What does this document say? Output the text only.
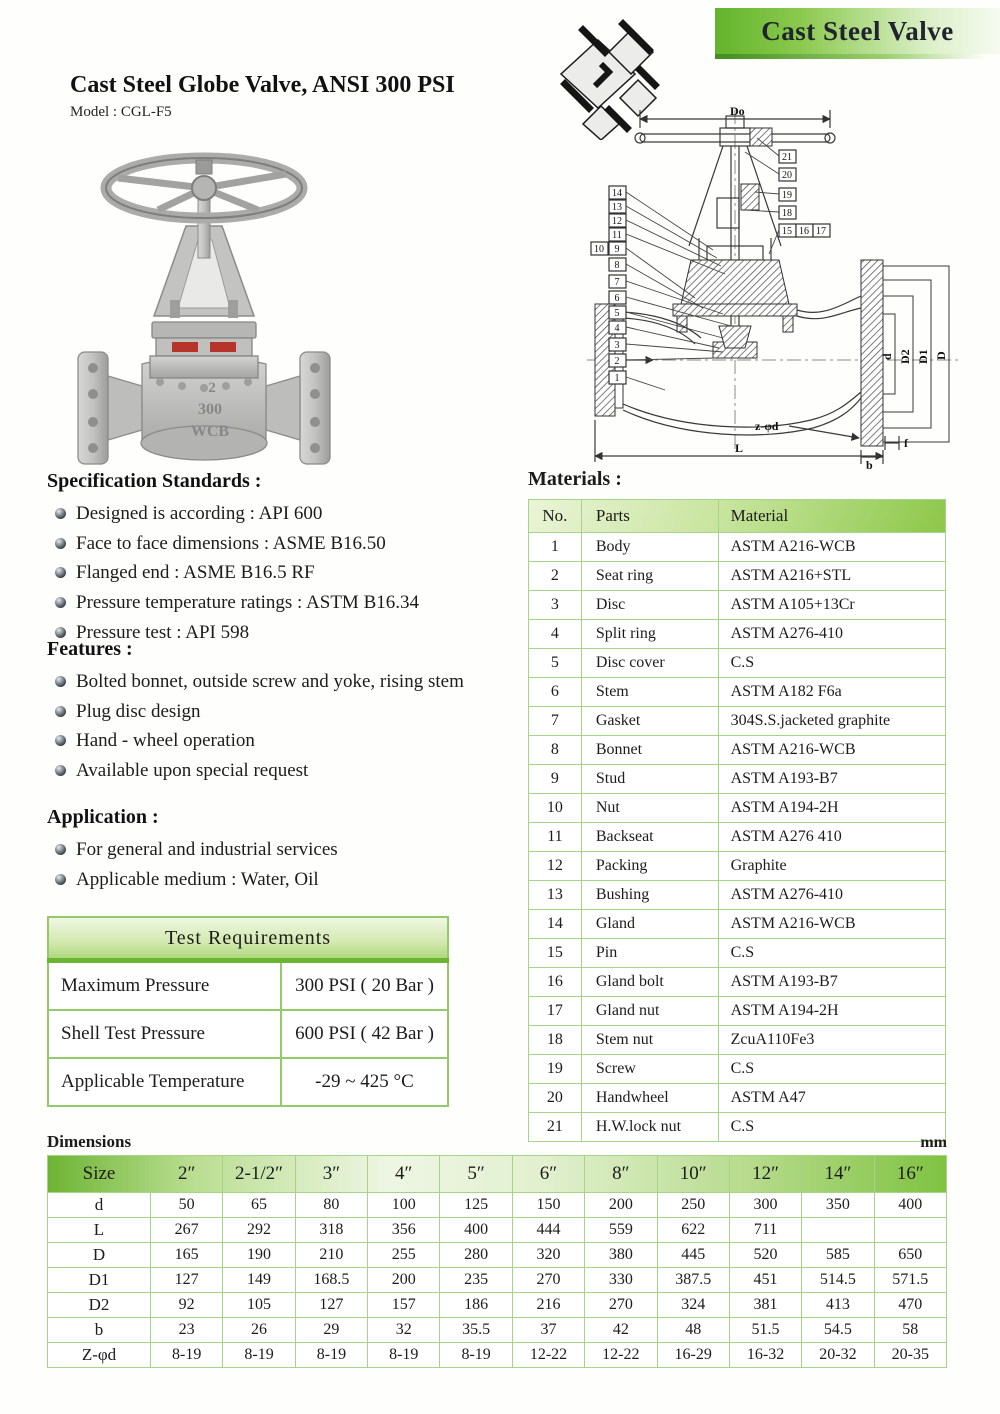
Cast Steel Valve
Cast Steel Globe Valve, ANSI 300 PSI
Model : CGL-F5
2
300
WCB
Do
d D2 D1 D
z-φd
f
b
L
14
13
12
11
10 9
8
7
6
5
4
3
2
1
21
20
19
18
15 16 17
Specification Standards :
Designed is according : API 600
Face to face dimensions : ASME B16.50
Flanged end : ASME B16.5 RF
Pressure temperature ratings : ASTM B16.34
Pressure test : API 598
Features :
Bolted bonnet, outside screw and yoke, rising stem
Plug disc design
Hand - wheel operation
Available upon special request
Application :
For general and industrial services
Applicable medium : Water, Oil
Test Requirements	
Maximum Pressure	300 PSI ( 20 Bar )
Shell Test Pressure	600 PSI ( 42 Bar )
Applicable Temperature	-29 ~ 425 °C
Materials :
No.	Parts	Material
1	Body	ASTM A216-WCB
2	Seat ring	ASTM A216+STL
3	Disc	ASTM A105+13Cr
4	Split ring	ASTM A276-410
5	Disc cover	C.S
6	Stem	ASTM A182 F6a
7	Gasket	304S.S.jacketed graphite
8	Bonnet	ASTM A216-WCB
9	Stud	ASTM A193-B7
10	Nut	ASTM A194-2H
11	Backseat	ASTM A276 410
12	Packing	Graphite
13	Bushing	ASTM A276-410
14	Gland	ASTM A216-WCB
15	Pin	C.S
16	Gland bolt	ASTM A193-B7
17	Gland nut	ASTM A194-2H
18	Stem nut	ZcuA110Fe3
19	Screw	C.S
20	Handwheel	ASTM A47
21	H.W.lock nut	C.S
Dimensions	mm
Size	2″	2-1/2″	3″	4″	5″	6″	8″	10″	12″	14″	16″
d	50	65	80	100	125	150	200	250	300	350	400
L	267	292	318	356	400	444	559	622	711		
D	165	190	210	255	280	320	380	445	520	585	650
D1	127	149	168.5	200	235	270	330	387.5	451	514.5	571.5
D2	92	105	127	157	186	216	270	324	381	413	470
b	23	26	29	32	35.5	37	42	48	51.5	54.5	58
Z-φd	8-19	8-19	8-19	8-19	8-19	12-22	12-22	16-29	16-32	20-32	20-35
